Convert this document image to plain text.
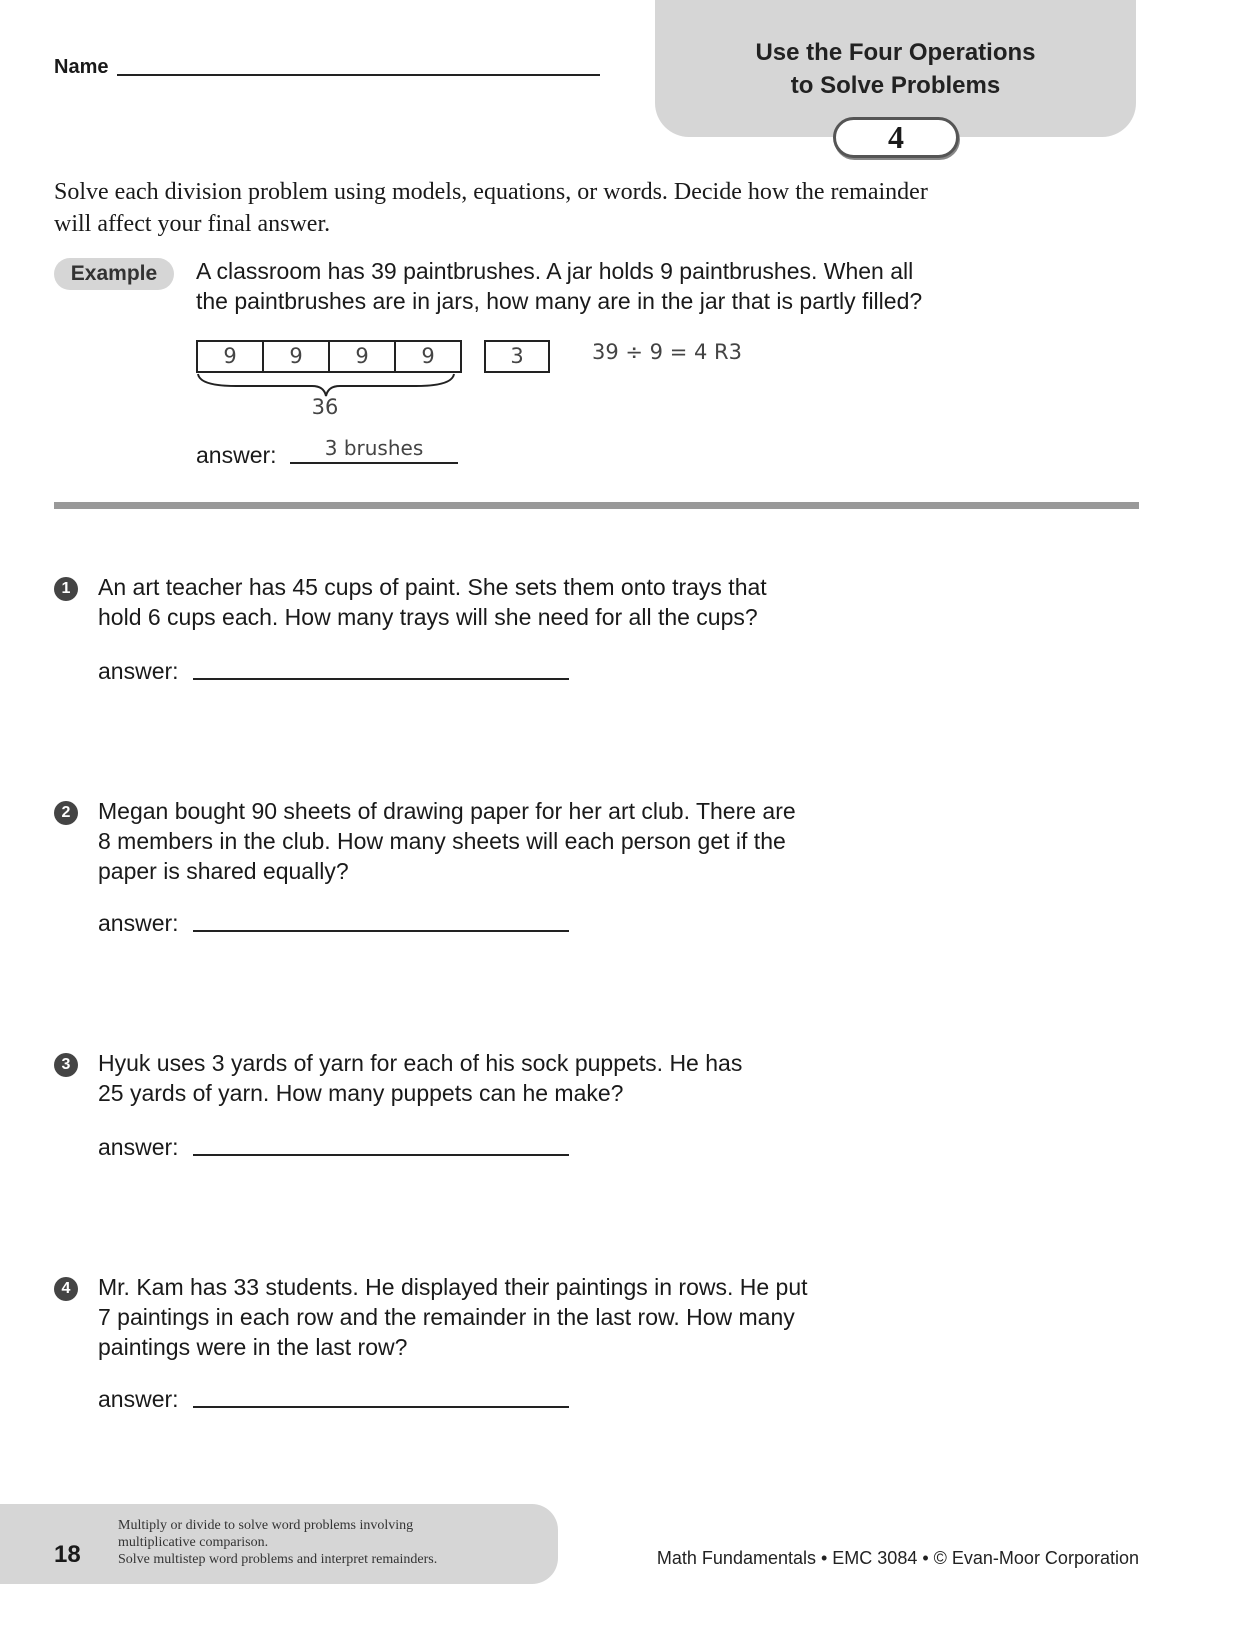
Name
Use the Four Operations
to Solve Problems
4
Solve each division problem using models, equations, or words. Decide how the remainder
will affect your final answer.
Example	A classroom has 39 paintbrushes. A jar holds 9 paintbrushes. When all
the paintbrushes are in jars, how many are in the jar that is partly filled?
9	9	9	9	3	39 ÷ 9 = 4 R3
36
answer:	3 brushes
1	An art teacher has 45 cups of paint. She sets them onto trays that
hold 6 cups each. How many trays will she need for all the cups?
answer:
2	Megan bought 90 sheets of drawing paper for her art club. There are
8 members in the club. How many sheets will each person get if the
paper is shared equally?
answer:
3	Hyuk uses 3 yards of yarn for each of his sock puppets. He has
25 yards of yarn. How many puppets can he make?
answer:
4	Mr. Kam has 33 students. He displayed their paintings in rows. He put
7 paintings in each row and the remainder in the last row. How many
paintings were in the last row?
answer:
18
Multiply or divide to solve word problems involving
multiplicative comparison.
Solve multistep word problems and interpret remainders.	Math Fundamentals • EMC 3084 • © Evan-Moor Corporation
